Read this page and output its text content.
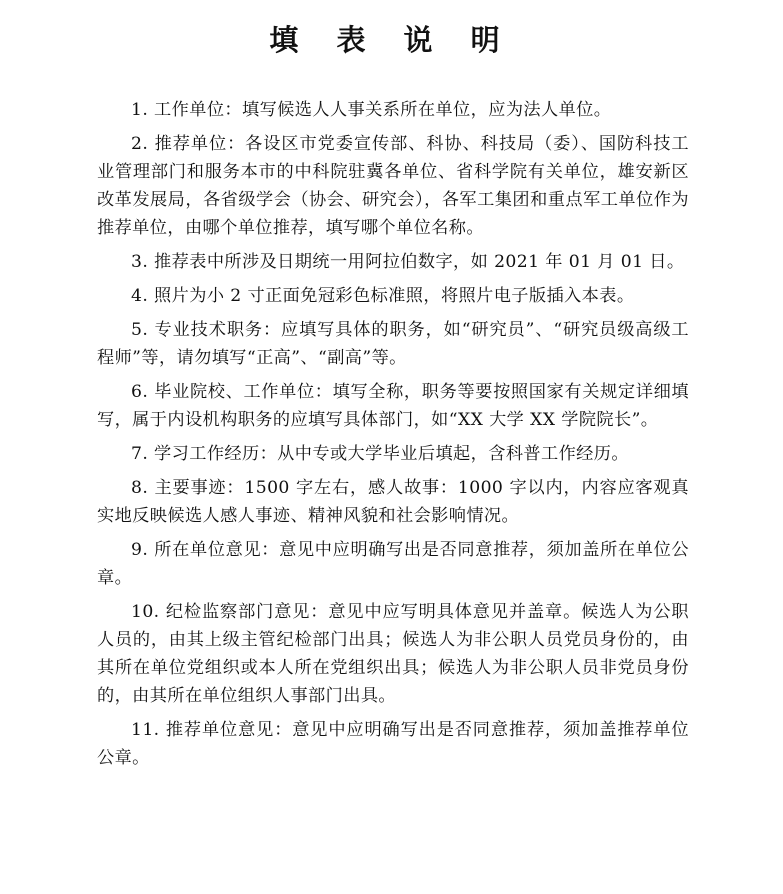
填 表 说 明

1. 工作单位：填写候选人人事关系所在单位，应为法人单位。

2. 推荐单位：各设区市党委宣传部、科协、科技局（委）、国防科技工业管理部门和服务本市的中科院驻冀各单位、省科学院有关单位，雄安新区改革发展局，各省级学会（协会、研究会），各军工集团和重点军工单位作为推荐单位，由哪个单位推荐，填写哪个单位名称。

3. 推荐表中所涉及日期统一用阿拉伯数字，如 2021 年 01 月 01 日。

4. 照片为小 2 寸正面免冠彩色标准照，将照片电子版插入本表。

5. 专业技术职务：应填写具体的职务，如“研究员”、“研究员级高级工程师”等，请勿填写“正高”、“副高”等。

6. 毕业院校、工作单位：填写全称，职务等要按照国家有关规定详细填写，属于内设机构职务的应填写具体部门，如“XX 大学 XX 学院院长”。

7. 学习工作经历：从中专或大学毕业后填起，含科普工作经历。

8. 主要事迹：1500 字左右，感人故事：1000 字以内，内容应客观真实地反映候选人感人事迹、精神风貌和社会影响情况。

9. 所在单位意见：意见中应明确写出是否同意推荐，须加盖所在单位公章。

10. 纪检监察部门意见：意见中应写明具体意见并盖章。候选人为公职人员的，由其上级主管纪检部门出具；候选人为非公职人员党员身份的，由其所在单位党组织或本人所在党组织出具；候选人为非公职人员非党员身份的，由其所在单位组织人事部门出具。

11. 推荐单位意见：意见中应明确写出是否同意推荐，须加盖推荐单位公章。
